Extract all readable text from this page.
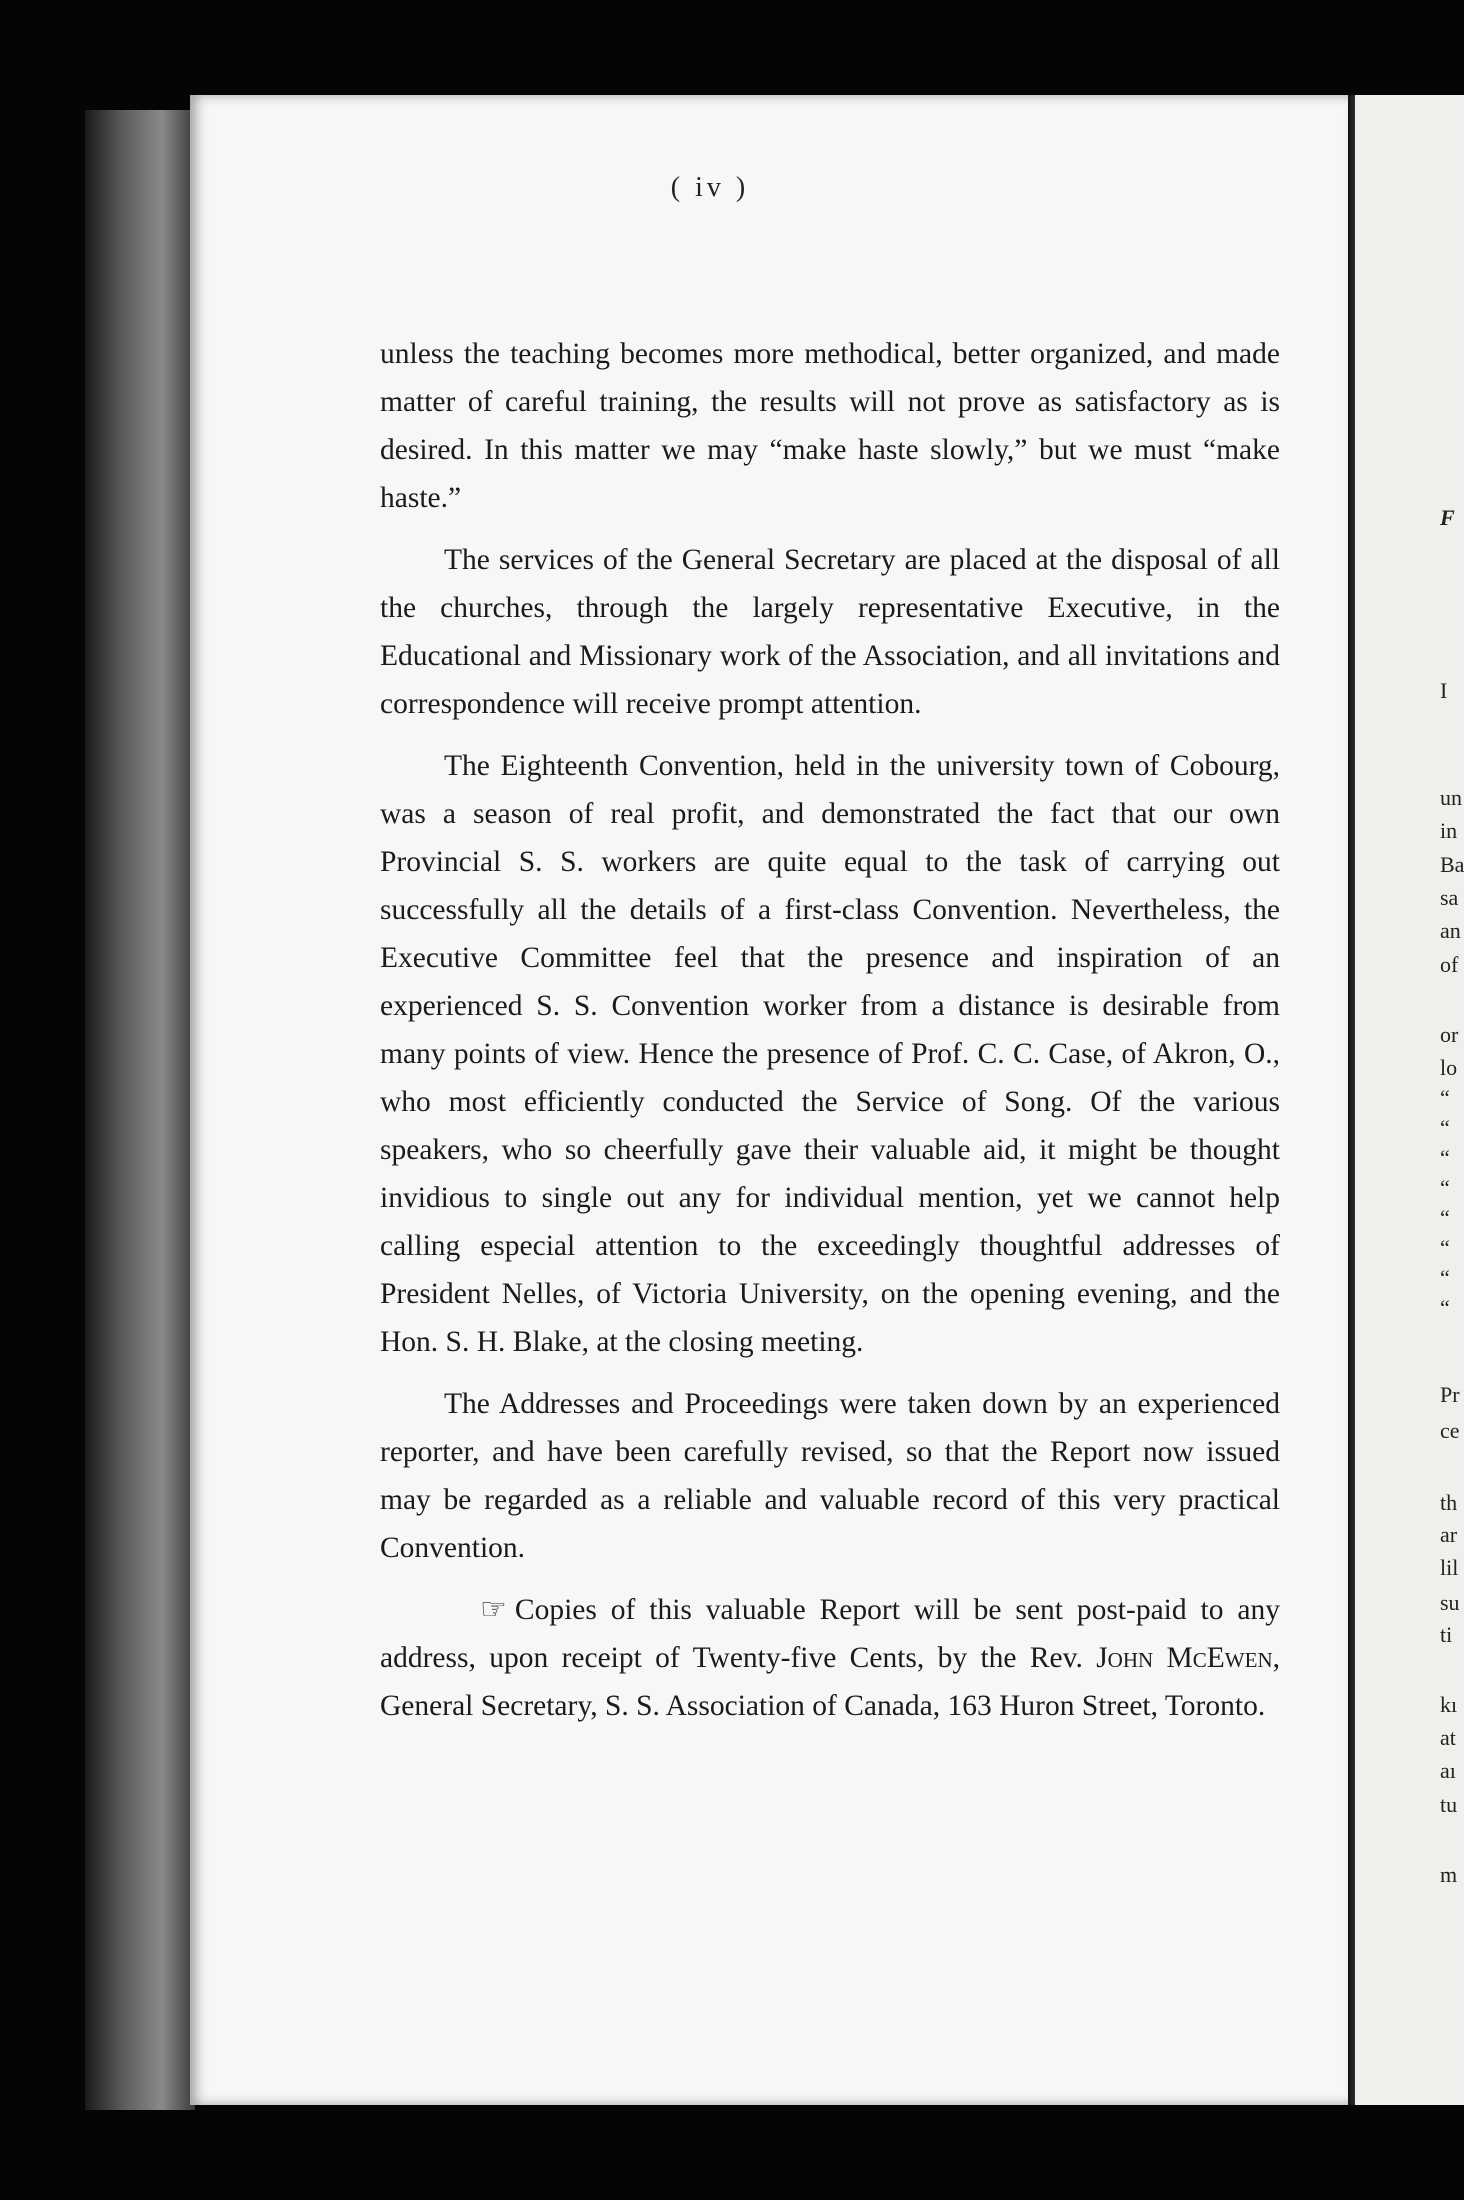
( iv )

unless the teaching becomes more methodical, better organized, and made matter of careful training, the results will not prove as satisfactory as is desired. In this matter we may “make haste slowly,” but we must “make haste.”

The services of the General Secretary are placed at the disposal of all the churches, through the largely representative Executive, in the Educational and Missionary work of the Association, and all invitations and correspondence will receive prompt attention.

The Eighteenth Convention, held in the university town of Cobourg, was a season of real profit, and demonstrated the fact that our own Provincial S. S. workers are quite equal to the task of carrying out successfully all the details of a first-class Convention. Nevertheless, the Executive Committee feel that the presence and inspiration of an experienced S. S. Convention worker from a distance is desirable from many points of view. Hence the presence of Prof. C. C. Case, of Akron, O., who most efficiently conducted the Service of Song. Of the various speakers, who so cheerfully gave their valuable aid, it might be thought invidious to single out any for individual mention, yet we cannot help calling especial attention to the exceedingly thoughtful addresses of President Nelles, of Victoria University, on the opening evening, and the Hon. S. H. Blake, at the closing meeting.

The Addresses and Proceedings were taken down by an experienced reporter, and have been carefully revised, so that the Report now issued may be regarded as a reliable and valuable record of this very practical Convention.

☞ Copies of this valuable Report will be sent post-paid to any address, upon receipt of Twenty-five Cents, by the Rev. John McEwen, General Secretary, S. S. Association of Canada, 163 Huron Street, Toronto.

F
I
un
in
Ba
sa
an
of
or
lo
“
“
“
“
“
“
“
“
Pr
ce
th
ar
lil
su
ti
kı
at
aı
tu
m
